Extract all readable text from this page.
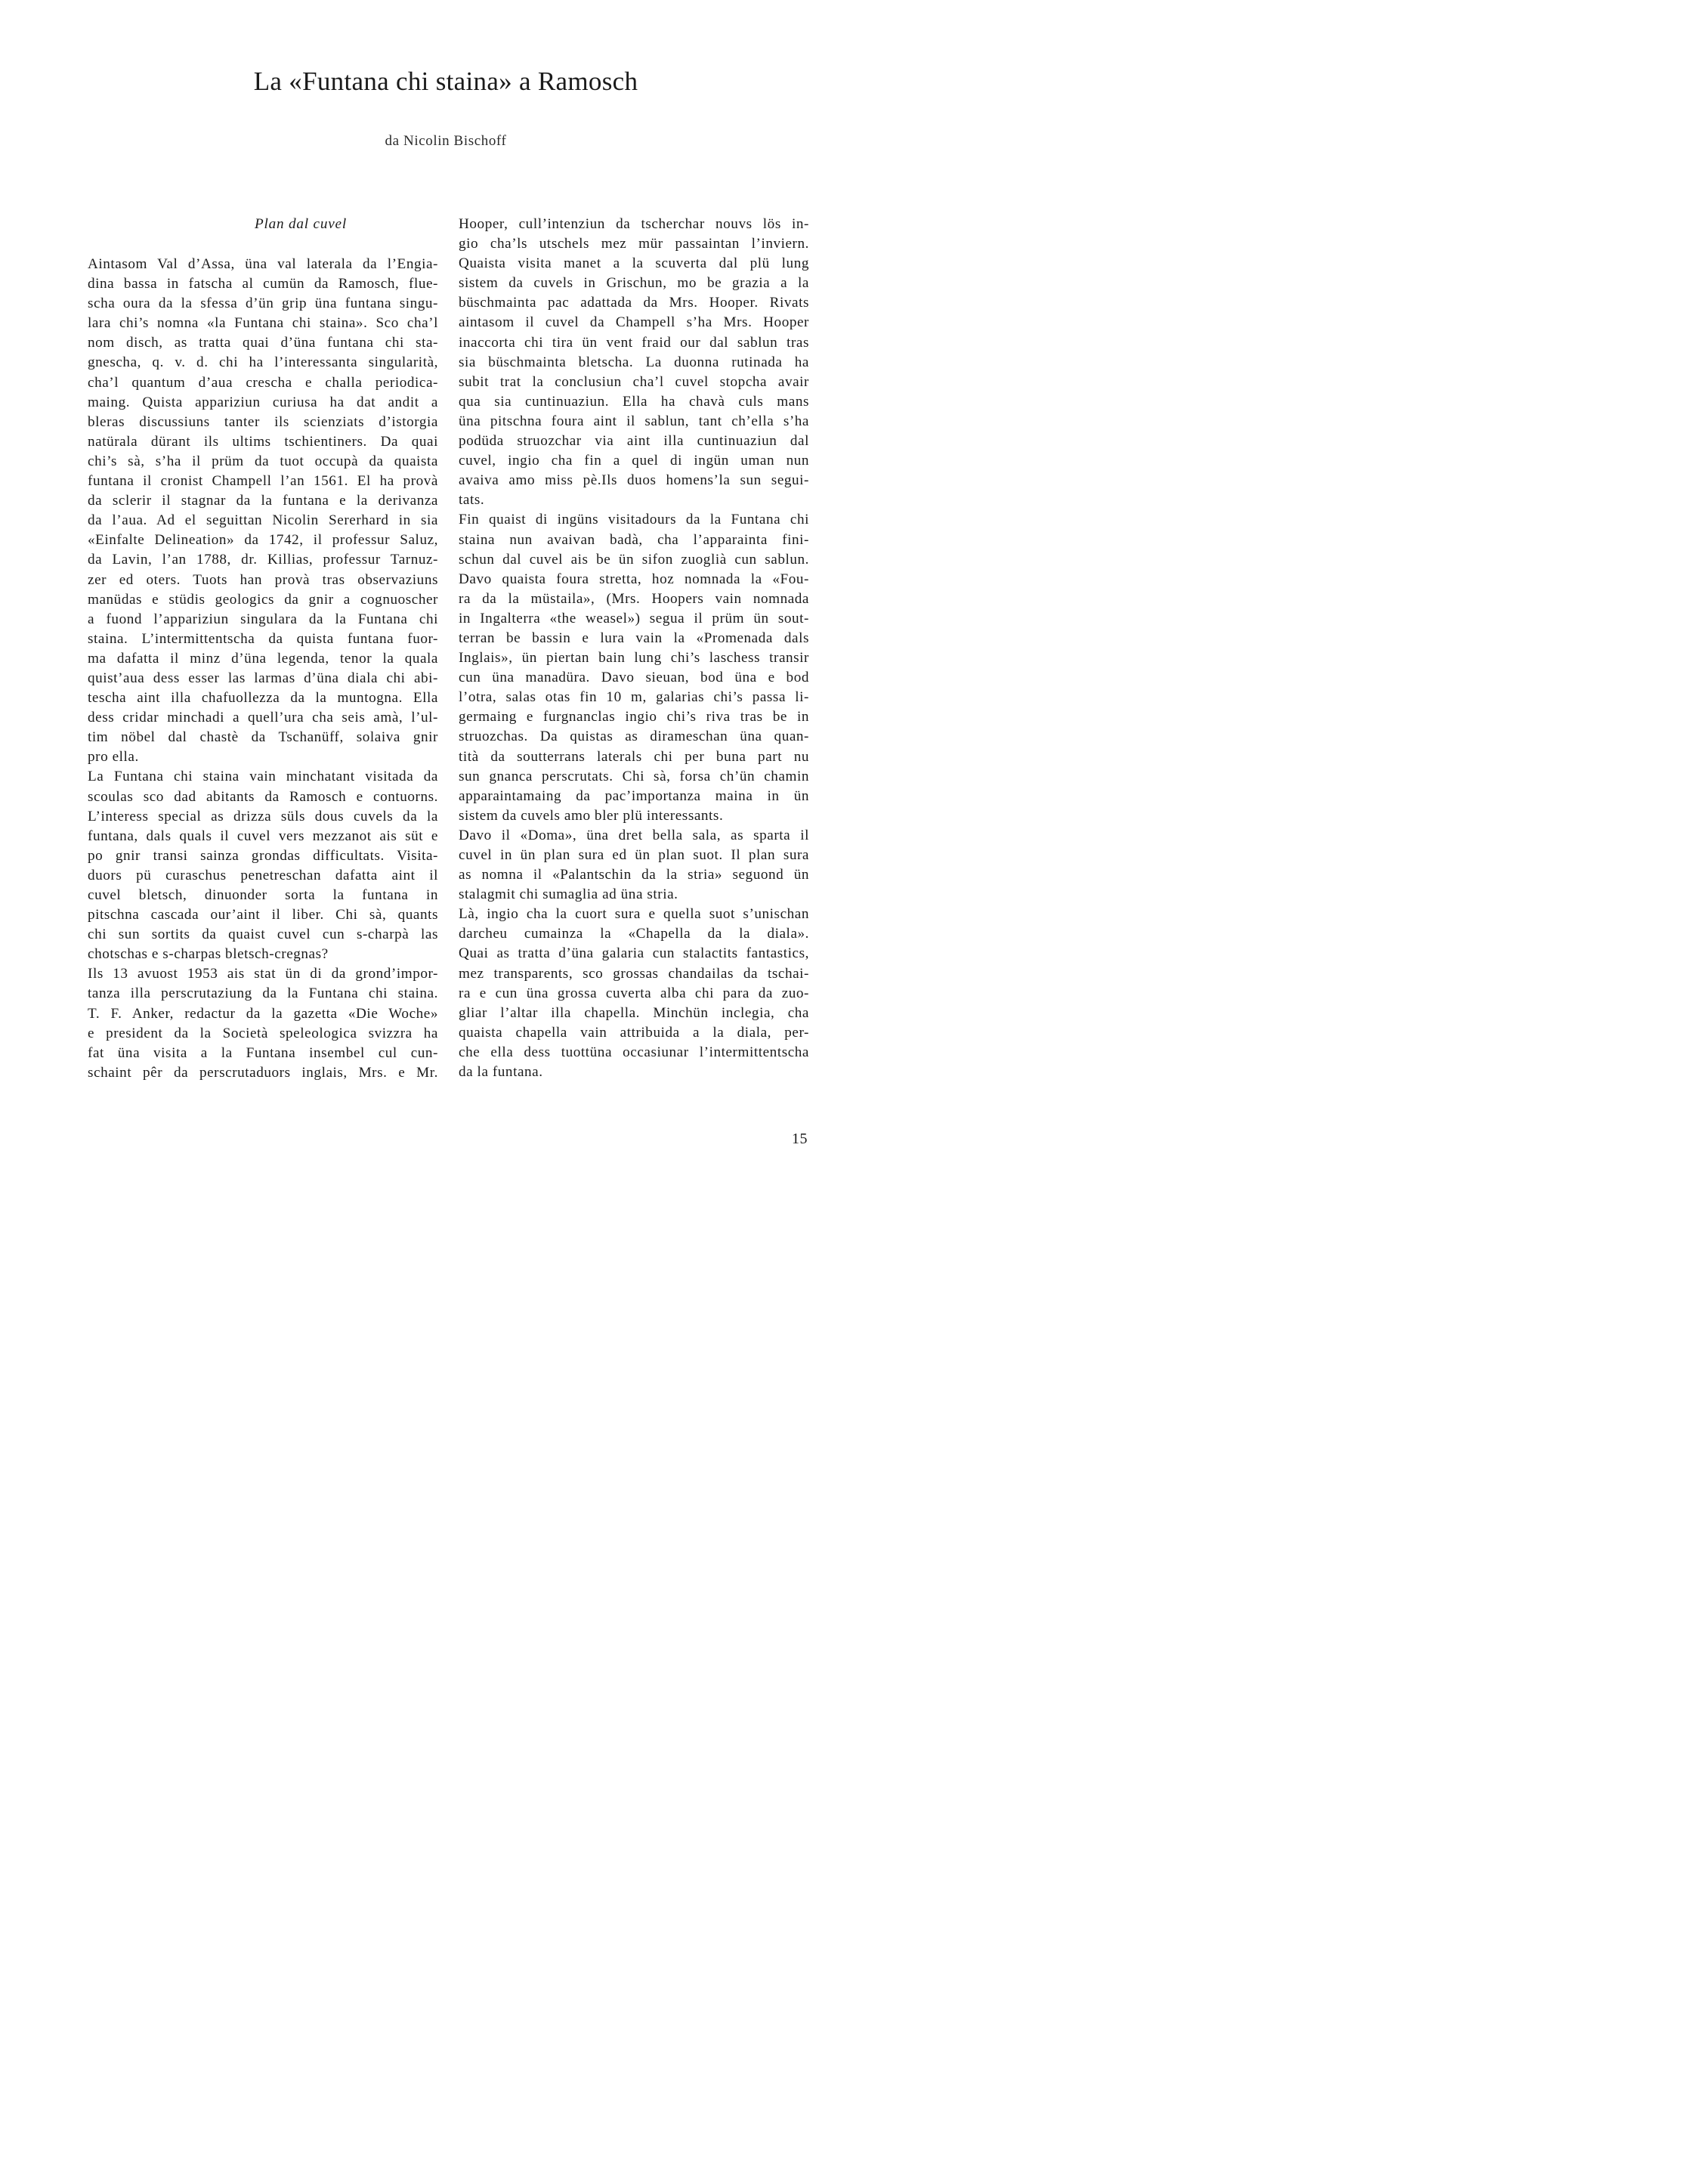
La «Funtana chi staina» a Ramosch
da Nicolin Bischoff
Plan dal cuvel
Aintasom Val d’Assa, üna val laterala da l’Engia-
dina bassa in fatscha al cumün da Ramosch, flue-
scha oura da la sfessa d’ün grip üna funtana singu-
lara chi’s nomna «la Funtana chi staina». Sco cha’l
nom disch, as tratta quai d’üna funtana chi sta-
gnescha, q. v. d. chi ha l’interessanta singularità,
cha’l quantum d’aua crescha e challa periodica-
maing. Quista appariziun curiusa ha dat andit a
bleras discussiuns tanter ils scienziats d’istorgia
natürala dürant ils ultims tschientiners. Da quai
chi’s sà, s’ha il prüm da tuot occupà da quaista
funtana il cronist Champell l’an 1561. El ha provà
da sclerir il stagnar da la funtana e la derivanza
da l’aua. Ad el seguittan Nicolin Sererhard in sia
«Einfalte Delineation» da 1742, il professur Saluz,
da Lavin, l’an 1788, dr. Killias, professur Tarnuz-
zer ed oters. Tuots han provà tras observaziuns
manüdas e stüdis geologics da gnir a cognuoscher
a fuond l’appariziun singulara da la Funtana chi
staina. L’intermittentscha da quista funtana fuor-
ma dafatta il minz d’üna legenda, tenor la quala
quist’aua dess esser las larmas d’üna diala chi abi-
tescha aint illa chafuollezza da la muntogna. Ella
dess cridar minchadi a quell’ura cha seis amà, l’ul-
tim nöbel dal chastè da Tschanüff, solaiva gnir
pro ella.
La Funtana chi staina vain minchatant visitada da
scoulas sco dad abitants da Ramosch e contuorns.
L’interess special as drizza süls dous cuvels da la
funtana, dals quals il cuvel vers mezzanot ais süt e
po gnir transi sainza grondas difficultats. Visita-
duors pü curaschus penetreschan dafatta aint il
cuvel bletsch, dinuonder sorta la funtana in
pitschna cascada our’aint il liber. Chi sà, quants
chi sun sortits da quaist cuvel cun s-charpà las
chotschas e s-charpas bletsch-cregnas?
Ils 13 avuost 1953 ais stat ün di da grond’impor-
tanza illa perscrutaziung da la Funtana chi staina.
T. F. Anker, redactur da la gazetta «Die Woche»
e president da la Società speleologica svizzra ha
fat üna visita a la Funtana insembel cul cun-
schaint pêr da perscrutaduors inglais, Mrs. e Mr.
Hooper, cull’intenziun da tscherchar nouvs lös in-
gio cha’ls utschels mez mür passaintan l’inviern.
Quaista visita manet a la scuverta dal plü lung
sistem da cuvels in Grischun, mo be grazia a la
büschmainta pac adattada da Mrs. Hooper. Rivats
aintasom il cuvel da Champell s’ha Mrs. Hooper
inaccorta chi tira ün vent fraid our dal sablun tras
sia büschmainta bletscha. La duonna rutinada ha
subit trat la conclusiun cha’l cuvel stopcha avair
qua sia cuntinuaziun. Ella ha chavà culs mans
üna pitschna foura aint il sablun, tant ch’ella s’ha
podüda struozchar via aint illa cuntinuaziun dal
cuvel, ingio cha fin a quel di ingün uman nun
avaiva amo miss pè.Ils duos homens’la sun segui-
tats.
Fin quaist di ingüns visitadours da la Funtana chi
staina nun avaivan badà, cha l’apparainta fini-
schun dal cuvel ais be ün sifon zuoglià cun sablun.
Davo quaista foura stretta, hoz nomnada la «Fou-
ra da la müstaila», (Mrs. Hoopers vain nomnada
in Ingalterra «the weasel») segua il prüm ün sout-
terran be bassin e lura vain la «Promenada dals
Inglais», ün piertan bain lung chi’s laschess transir
cun üna manadüra. Davo sieuan, bod üna e bod
l’otra, salas otas fin 10 m, galarias chi’s passa li-
germaing e furgnanclas ingio chi’s riva tras be in
struozchas. Da quistas as dirameschan üna quan-
tità da soutterrans laterals chi per buna part nu
sun gnanca perscrutats. Chi sà, forsa ch’ün chamin
apparaintamaing da pac’importanza maina in ün
sistem da cuvels amo bler plü interessants.
Davo il «Doma», üna dret bella sala, as sparta il
cuvel in ün plan sura ed ün plan suot. Il plan sura
as nomna il «Palantschin da la stria» seguond ün
stalagmit chi sumaglia ad üna stria.
Là, ingio cha la cuort sura e quella suot s’unischan
darcheu cumainza la «Chapella da la diala».
Quai as tratta d’üna galaria cun stalactits fantastics,
mez transparents, sco grossas chandailas da tschai-
ra e cun üna grossa cuverta alba chi para da zuo-
gliar l’altar illa chapella. Minchün inclegia, cha
quaista chapella vain attribuida a la diala, per-
che ella dess tuottüna occasiunar l’intermittentscha
da la funtana.
15
